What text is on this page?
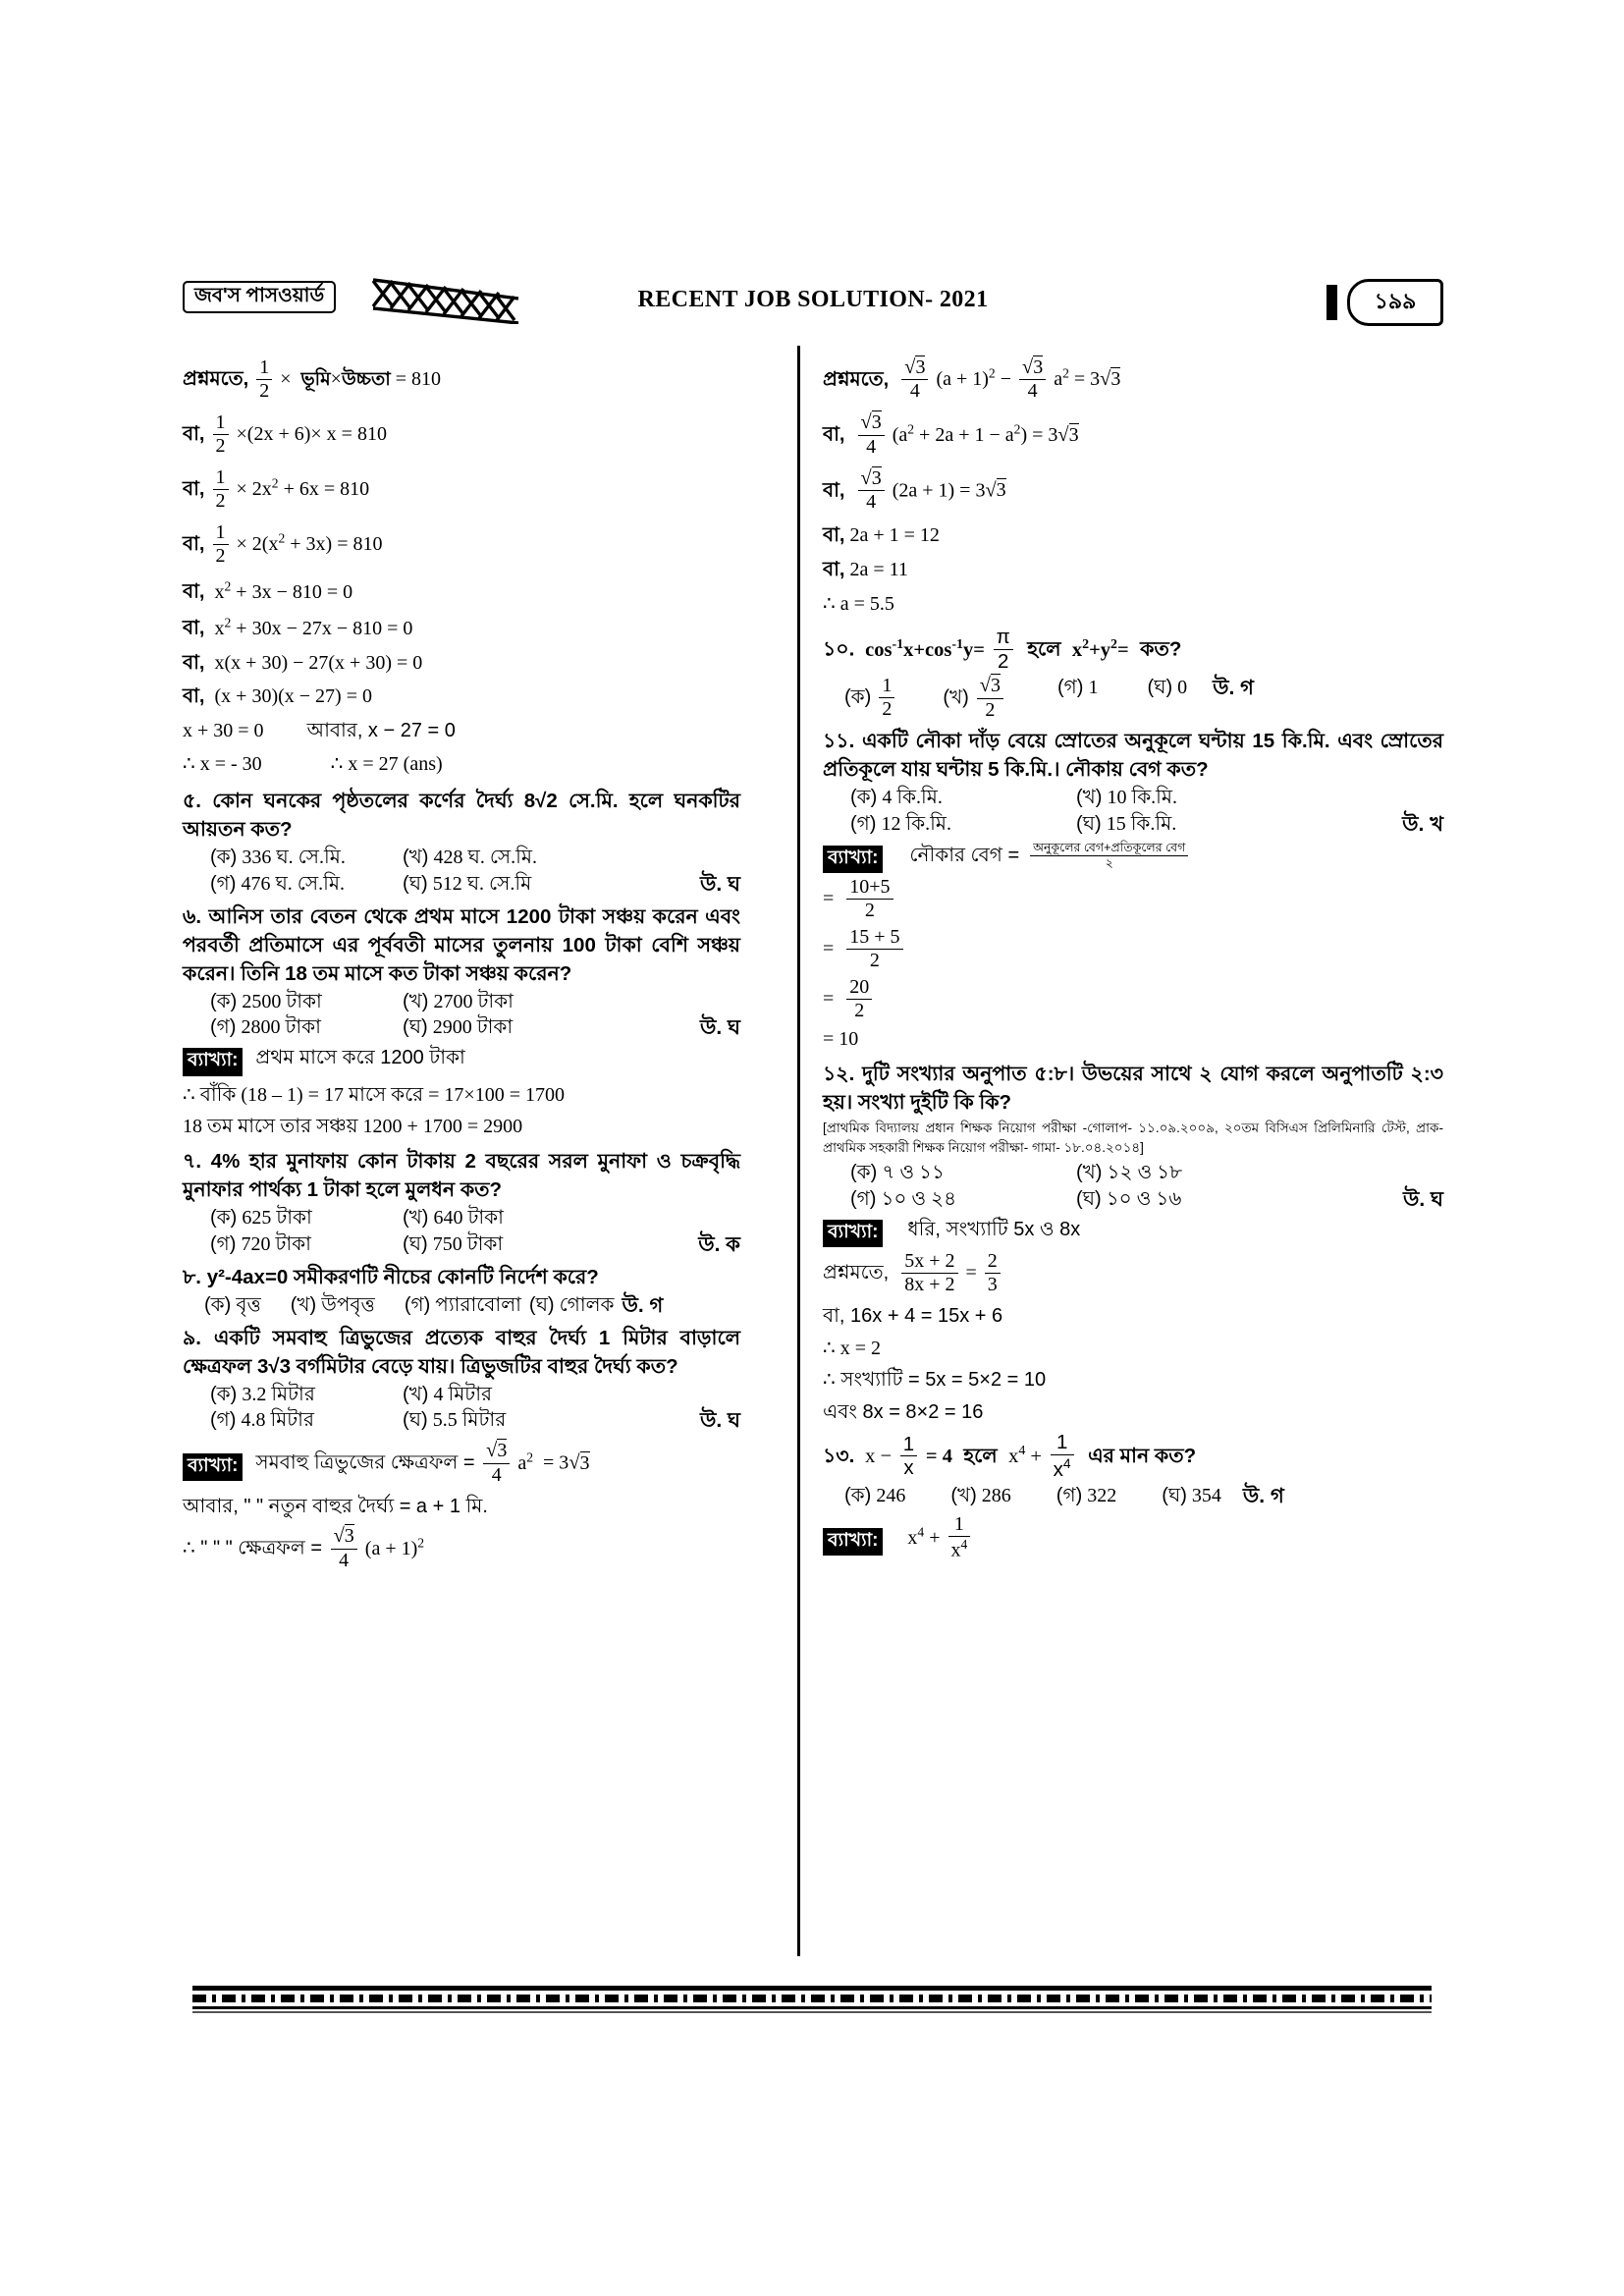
জব'স পাসওয়ার্ড	RECENT JOB SOLUTION- 2021	১৯৯
প্রশ্নমতে, $\frac{1}{2}$ × ভূমি×উচ্চতা = 810
বা, $\frac{1}{2} \times(2x + 6)\times x = 810$
বা, $\frac{1}{2} \times 2x^2 + 6x = 810$
বা, $\frac{1}{2} \times 2(x^2 + 3x) = 810$
বা, $x^2 + 3x - 810 = 0$
বা, $x^2 + 30x - 27x - 810 = 0$
বা, x(x + 30) − 27(x + 30) = 0
বা, (x + 30)(x − 27) = 0
x + 30 = 0 আবার, x − 27 = 0
∴ x = - 30	∴ x = 27 (ans)
৫. কোন ঘনকের পৃষ্ঠতলের কর্ণের দৈর্ঘ্য 8√2 সে.মি. হলে ঘনকটির আয়তন কত?
(ক) 336 ঘ. সে.মি.	(খ) 428 ঘ. সে.মি.
(গ) 476 ঘ. সে.মি.	(ঘ) 512 ঘ. সে.মি	উ. ঘ
৬. আনিস তার বেতন থেকে প্রথম মাসে 1200 টাকা সঞ্চয় করেন এবং পরবর্তী প্রতিমাসে এর পূর্ববতী মাসের তুলনায় 100 টাকা বেশি সঞ্চয় করেন। তিনি 18 তম মাসে কত টাকা সঞ্চয় করেন?
(ক) 2500 টাকা	(খ) 2700 টাকা
(গ) 2800 টাকা	(ঘ) 2900 টাকা	উ. ঘ
ব্যাখ্যা: প্রথম মাসে করে 1200 টাকা
∴ বাঁকি (18 – 1) = 17 মাসে করে = 17×100 = 1700
18 তম মাসে তার সঞ্চয় 1200 + 1700 = 2900
৭. 4% হার মুনাফায় কোন টাকায় 2 বছরের সরল মুনাফা ও চক্রবৃদ্ধি মুনাফার পার্থক্য 1 টাকা হলে মুলধন কত?
(ক) 625 টাকা	(খ) 640 টাকা
(গ) 720 টাকা	(ঘ) 750 টাকা	উ. ক
৮. y²-4ax=0 সমীকরণটি নীচের কোনটি নির্দেশ করে?
(ক) বৃত্ত (খ) উপবৃত্ত (গ) প্যারাবোলা (ঘ) গোলক উ. গ
৯. একটি সমবাহু ত্রিভুজের প্রত্যেক বাহুর দৈর্ঘ্য 1 মিটার বাড়ালে ক্ষেত্রফল 3√3 বর্গমিটার বেড়ে যায়। ত্রিভুজটির বাহুর দৈর্ঘ্য কত?
(ক) 3.2 মিটার	(খ) 4 মিটার
(গ) 4.8 মিটার	(ঘ) 5.5 মিটার	উ. ঘ
ব্যাখ্যা: সমবাহু ত্রিভুজের ক্ষেত্রফল = $\frac{√3}{4} a^2 = 3√3$
আবার, " " নতুন বাহুর দৈর্ঘ্য = a + 1 মি.
∴ " " " ক্ষেত্রফল = $\frac{√3}{4} (a + 1)^2$
প্রশ্নমতে, $\frac{√3}{4} (a + 1)^2 - \frac{√3}{4} a^2 = 3√3$
বা, $\frac{√3}{4} (a^2 + 2a + 1 - a^2) = 3√3$
বা, $\frac{√3}{4} (2a + 1) = 3√3$
বা, 2a + 1 = 12
বা, 2a = 11
∴ a = 5.5
১০.  $\cos^{-1}x+\cos^{-1}y= \frac{\pi}{2}$ হলে  $x^2+y^2=$  কত?
(ক) $\frac{1}{2}$ (খ) $\frac{√3}{2}$	(গ) 1	(ঘ) 0 উ. গ
১১. একটি নৌকা দাঁড় বেয়ে স্রোতের অনুকূলে ঘন্টায় 15 কি.মি. এবং স্রোতের প্রতিকূলে যায় ঘন্টায় 5 কি.মি.। নৌকায় বেগ কত?
(ক) 4 কি.মি.	(খ) 10 কি.মি.
(গ) 12 কি.মি.	(ঘ) 15 কি.মি.	উ. খ
ব্যাখ্যা: নৌকার বেগ = $\frac{\text{অনুকূলের বেগ+প্রতিকূলের বেগ}}{২}$
= $\frac{10+5}{2}$
= $\frac{15 + 5}{2}$
= $\frac{20}{2}$
= 10
১২. দুটি সংখ্যার অনুপাত ৫:৮। উভয়ের সাথে ২ যোগ করলে অনুপাতটি ২:৩ হয়। সংখ্যা দুইটি কি কি?
[প্রাথমিক বিদ্যালয় প্রধান শিক্ষক নিয়োগ পরীক্ষা -গোলাপ- ১১.০৯.২০০৯, ২০তম বিসিএস প্রিলিমিনারি টেস্ট, প্রাক-প্রাথমিক সহকারী শিক্ষক নিয়োগ পরীক্ষা- গামা- ১৮.০৪.২০১৪]
(ক) ৭ ও ১১	(খ) ১২ ও ১৮
(গ) ১০ ও ২৪	(ঘ) ১০ ও ১৬	উ. ঘ
ব্যাখ্যা: ধরি, সংখ্যাটি 5x ও 8x
প্রশ্নমতে, $\frac{5x + 2}{8x + 2} = \frac{2}{3}$
বা, 16x + 4 = 15x + 6
∴ x = 2
∴ সংখ্যাটি = 5x = 5×2 = 10
এবং 8x = 8×2 = 16
১৩.  $x - \frac{1}{x} = 4$  হলে  $x^4 + \frac{1}{x^4}$ এর মান কত?
(ক) 246 (খ) 286 (গ) 322 (ঘ) 354 উ. গ
ব্যাখ্যা: $x^4 + \frac{1}{x^4}$
